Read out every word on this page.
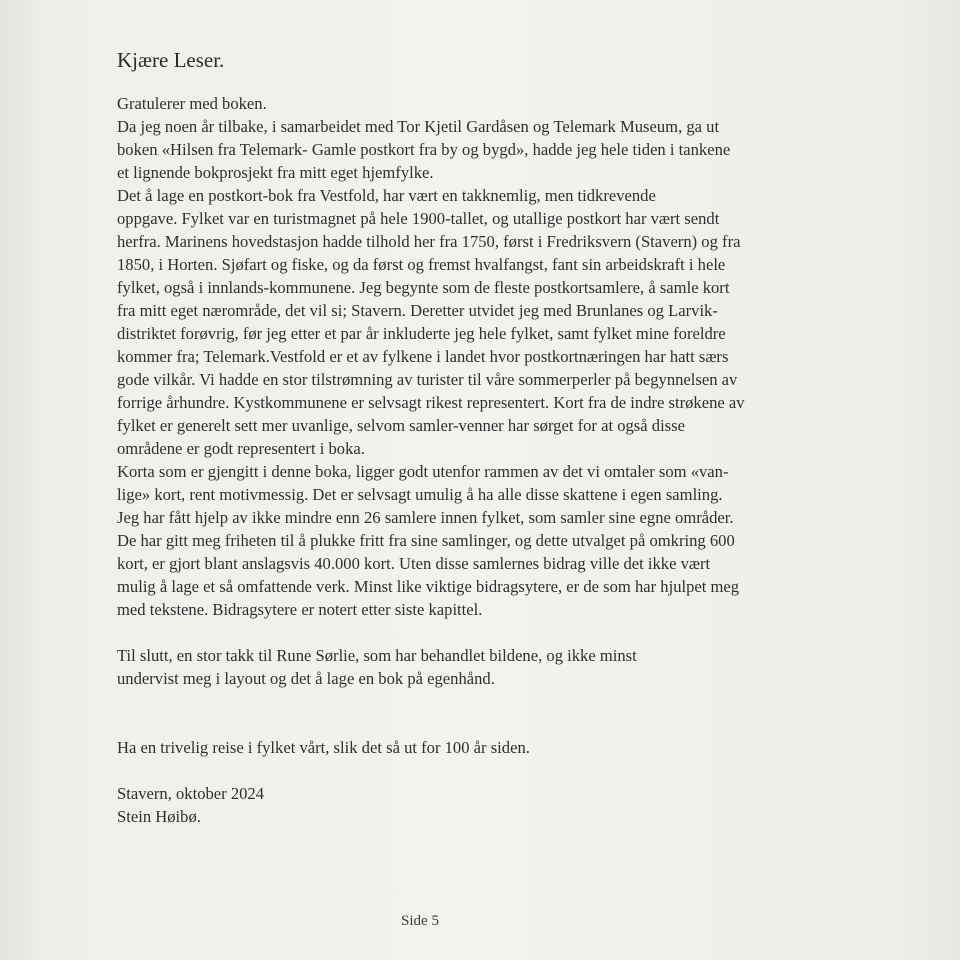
Kjære Leser.
Gratulerer med boken.
Da jeg noen år tilbake, i samarbeidet med Tor Kjetil Gardåsen og Telemark Museum, ga ut
boken «Hilsen fra Telemark- Gamle postkort fra by og bygd», hadde jeg hele tiden i tankene
et lignende bokprosjekt fra mitt eget hjemfylke.
Det å lage en postkort-bok fra Vestfold, har vært en takknemlig, men tidkrevende
oppgave. Fylket var en turistmagnet på hele 1900-tallet, og utallige postkort har vært sendt
herfra. Marinens hovedstasjon hadde tilhold her fra 1750, først i Fredriksvern (Stavern) og fra
1850, i Horten. Sjøfart og fiske, og da først og fremst hvalfangst, fant sin arbeidskraft i hele
fylket, også i innlands-kommunene. Jeg begynte som de fleste postkortsamlere, å samle kort
fra mitt eget nærområde, det vil si; Stavern. Deretter utvidet jeg med Brunlanes og Larvik-
distriktet forøvrig, før jeg etter et par år inkluderte jeg hele fylket, samt fylket mine foreldre
kommer fra; Telemark.Vestfold er et av fylkene i landet hvor postkortnæringen har hatt særs
gode vilkår. Vi hadde en stor tilstrømning av turister til våre sommerperler på begynnelsen av
forrige århundre. Kystkommunene er selvsagt rikest representert. Kort fra de indre strøkene av
fylket er generelt sett mer uvanlige, selvom samler-venner har sørget for at også disse
områdene er godt representert i boka.
Korta som er gjengitt i denne boka, ligger godt utenfor rammen av det vi omtaler som «van-
lige» kort, rent motivmessig. Det er selvsagt umulig å ha alle disse skattene i egen samling.
Jeg har fått hjelp av ikke mindre enn 26 samlere innen fylket, som samler sine egne områder.
De har gitt meg friheten til å plukke fritt fra sine samlinger, og dette utvalget på omkring 600
kort, er gjort blant anslagsvis 40.000 kort. Uten disse samlernes bidrag ville det ikke vært
mulig å lage et så omfattende verk. Minst like viktige bidragsytere, er de som har hjulpet meg
med tekstene. Bidragsytere er notert etter siste kapittel.
Til slutt, en stor takk til Rune Sørlie, som har behandlet bildene, og ikke minst
undervist meg i layout og det å lage en bok på egenhånd.
Ha en trivelig reise i fylket vårt, slik det så ut for 100 år siden.
Stavern, oktober 2024
Stein Høibø.
Side 5
